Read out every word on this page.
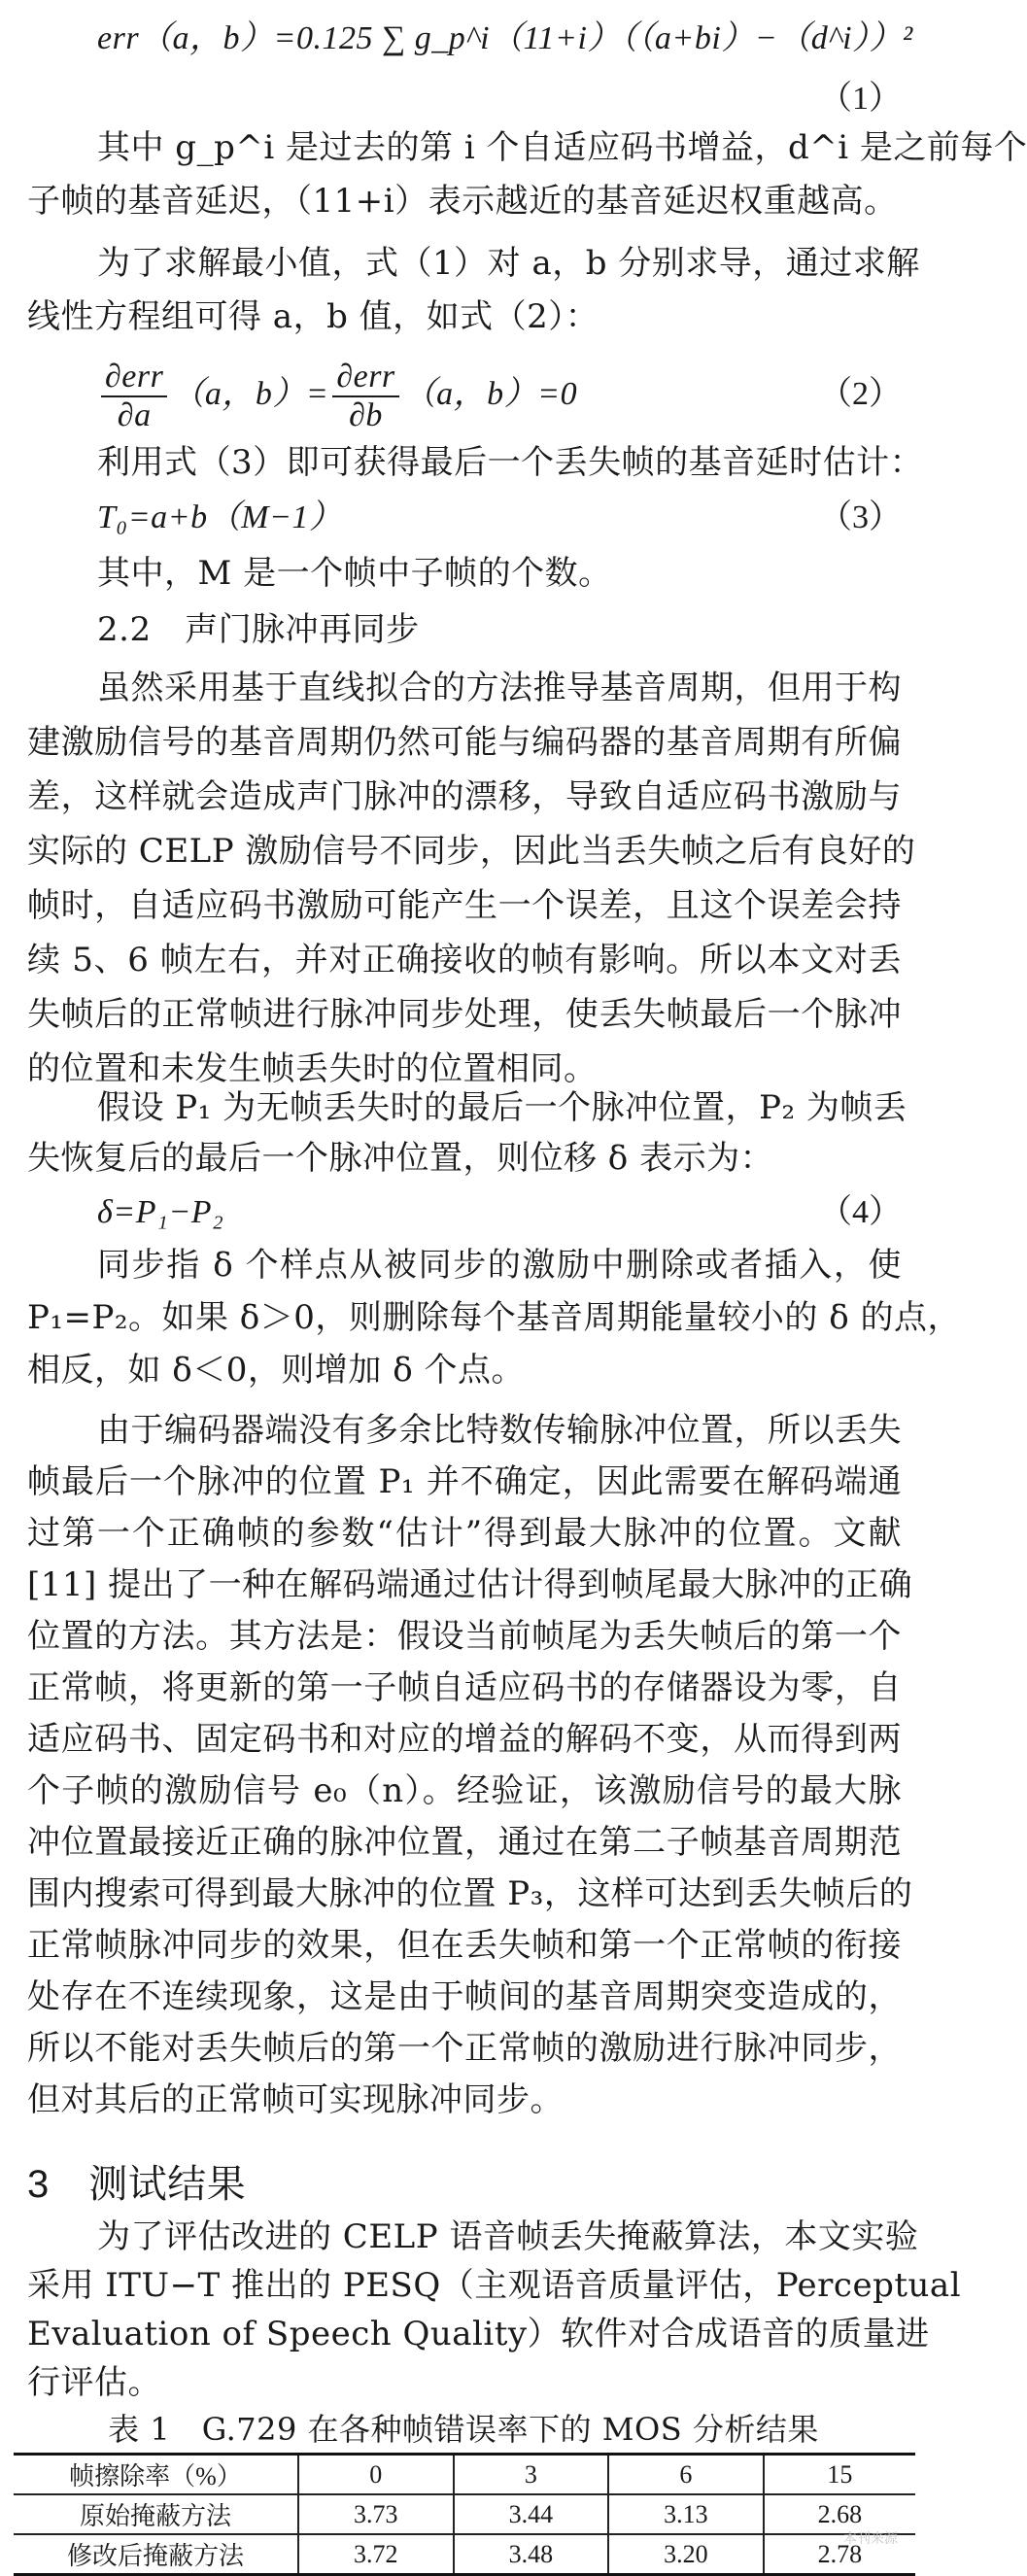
err（a，b）=0.125 ∑ g_p^i（11+i）（（a+bi）−（d^i））²
（1）
其中 g_p^i 是过去的第 i 个自适应码书增益，d^i 是之前每个
子帧的基音延迟，（11+i）表示越近的基音延迟权重越高。
为了求解最小值，式（1）对 a，b 分别求导，通过求解
线性方程组可得 a，b 值，如式（2）：
$\frac{\text{∂err}}{\partial a} (a$，$b)= \frac{\text{∂err}}{\partial b} (a$，b）=0	（2）
利用式（3）即可获得最后一个丢失帧的基音延时估计：
T₀=a+b（M−1）	（3）
其中，M 是一个帧中子帧的个数。
2.2　声门脉冲再同步
虽然采用基于直线拟合的方法推导基音周期，但用于构
建激励信号的基音周期仍然可能与编码器的基音周期有所偏
差，这样就会造成声门脉冲的漂移，导致自适应码书激励与
实际的 CELP 激励信号不同步，因此当丢失帧之后有良好的
帧时，自适应码书激励可能产生一个误差，且这个误差会持
续 5、6 帧左右，并对正确接收的帧有影响。所以本文对丢
失帧后的正常帧进行脉冲同步处理，使丢失帧最后一个脉冲
的位置和未发生帧丢失时的位置相同。
假设 P₁ 为无帧丢失时的最后一个脉冲位置，P₂ 为帧丢
失恢复后的最后一个脉冲位置，则位移 δ 表示为：
δ=P₁−P₂	（4）
同步指 δ 个样点从被同步的激励中删除或者插入，使
P₁=P₂。如果 δ＞0，则删除每个基音周期能量较小的 δ 的点，
相反，如 δ＜0，则增加 δ 个点。
由于编码器端没有多余比特数传输脉冲位置，所以丢失
帧最后一个脉冲的位置 P₁ 并不确定，因此需要在解码端通
过第一个正确帧的参数“估计”得到最大脉冲的位置。文献
[11] 提出了一种在解码端通过估计得到帧尾最大脉冲的正确
位置的方法。其方法是：假设当前帧尾为丢失帧后的第一个
正常帧，将更新的第一子帧自适应码书的存储器设为零，自
适应码书、固定码书和对应的增益的解码不变，从而得到两
个子帧的激励信号 e₀（n）。经验证，该激励信号的最大脉
冲位置最接近正确的脉冲位置，通过在第二子帧基音周期范
围内搜索可得到最大脉冲的位置 P₃，这样可达到丢失帧后的
正常帧脉冲同步的效果，但在丢失帧和第一个正常帧的衔接
处存在不连续现象，这是由于帧间的基音周期突变造成的，
所以不能对丢失帧后的第一个正常帧的激励进行脉冲同步，
但对其后的正常帧可实现脉冲同步。
3　测试结果
为了评估改进的 CELP 语音帧丢失掩蔽算法，本文实验
采用 ITU−T 推出的 PESQ（主观语音质量评估，Perceptual
Evaluation of Speech Quality）软件对合成语音的质量进
行评估。
表 1　G.729 在各种帧错误率下的 MOS 分析结果
帧擦除率（%）	0	3	6	15
原始掩蔽方法	3.73	3.44	3.13	2.68
修改后掩蔽方法	3.72	3.48	3.20	2.78
本刊来源
